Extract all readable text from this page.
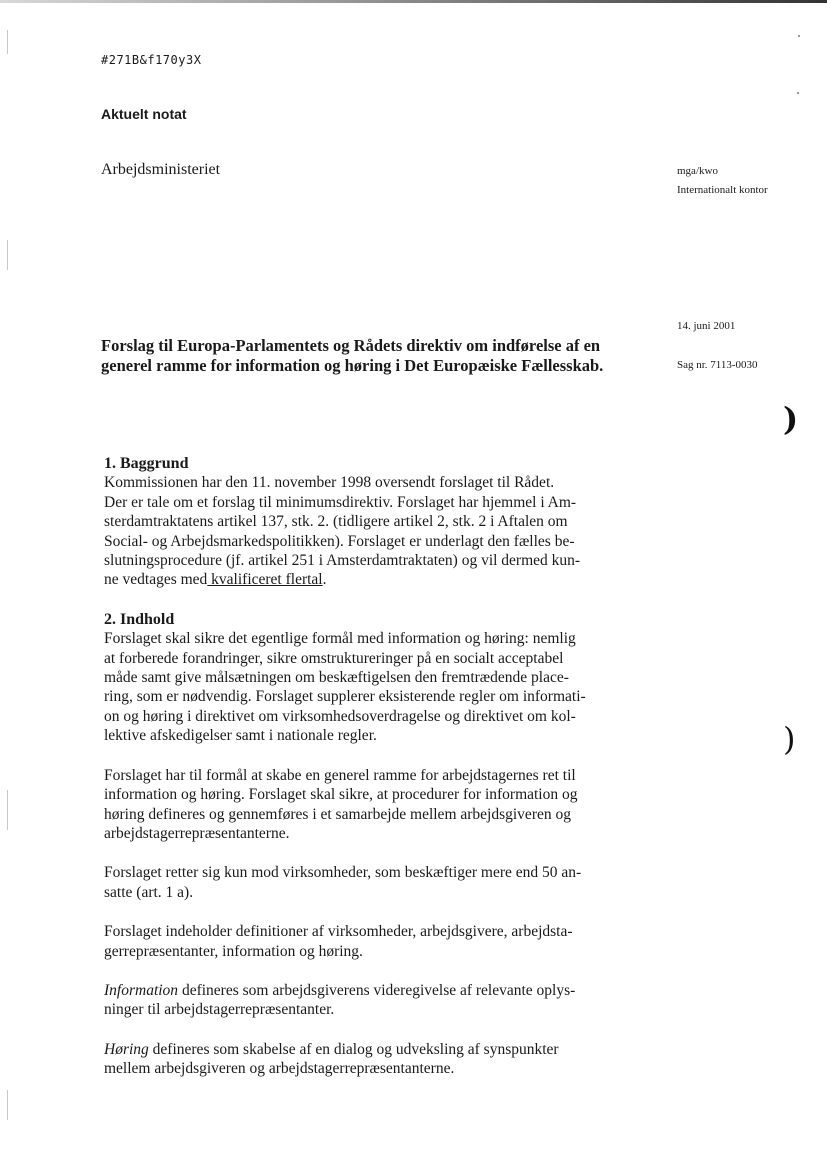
#271B&f170y3X
Aktuelt notat
Arbejdsministeriet	mga/kwo
Internationalt kontor
14. juni 2001
Sag nr. 7113-0030
Forslag til Europa-Parlamentets og Rådets direktiv om indførelse af en
generel ramme for information og høring i Det Europæiske Fællesskab.
)
)
1. Baggrund

Kommissionen har den 11. november 1998 oversendt forslaget til Rådet.

Der er tale om et forslag til minimumsdirektiv. Forslaget har hjemmel i Am-

sterdamtraktatens artikel 137, stk. 2. (tidligere artikel 2, stk. 2 i Aftalen om

Social- og Arbejdsmarkedspolitikken). Forslaget er underlagt den fælles be-

slutningsprocedure (jf. artikel 251 i Amsterdamtraktaten) og vil dermed kun-

ne vedtages med kvalificeret flertal.

2. Indhold

Forslaget skal sikre det egentlige formål med information og høring: nemlig

at forberede forandringer, sikre omstruktureringer på en socialt acceptabel

måde samt give målsætningen om beskæftigelsen den fremtrædende place-

ring, som er nødvendig. Forslaget supplerer eksisterende regler om informati-

on og høring i direktivet om virksomhedsoverdragelse og direktivet om kol-

lektive afskedigelser samt i nationale regler.

Forslaget har til formål at skabe en generel ramme for arbejdstagernes ret til

information og høring. Forslaget skal sikre, at procedurer for information og

høring defineres og gennemføres i et samarbejde mellem arbejdsgiveren og

arbejdstagerrepræsentanterne.

Forslaget retter sig kun mod virksomheder, som beskæftiger mere end 50 an-

satte (art. 1 a).

Forslaget indeholder definitioner af virksomheder, arbejdsgivere, arbejdsta-

gerrepræsentanter, information og høring.

Information defineres som arbejdsgiverens videregivelse af relevante oplys-

ninger til arbejdstagerrepræsentanter.

Høring defineres som skabelse af en dialog og udveksling af synspunkter

mellem arbejdsgiveren og arbejdstagerrepræsentanterne.
